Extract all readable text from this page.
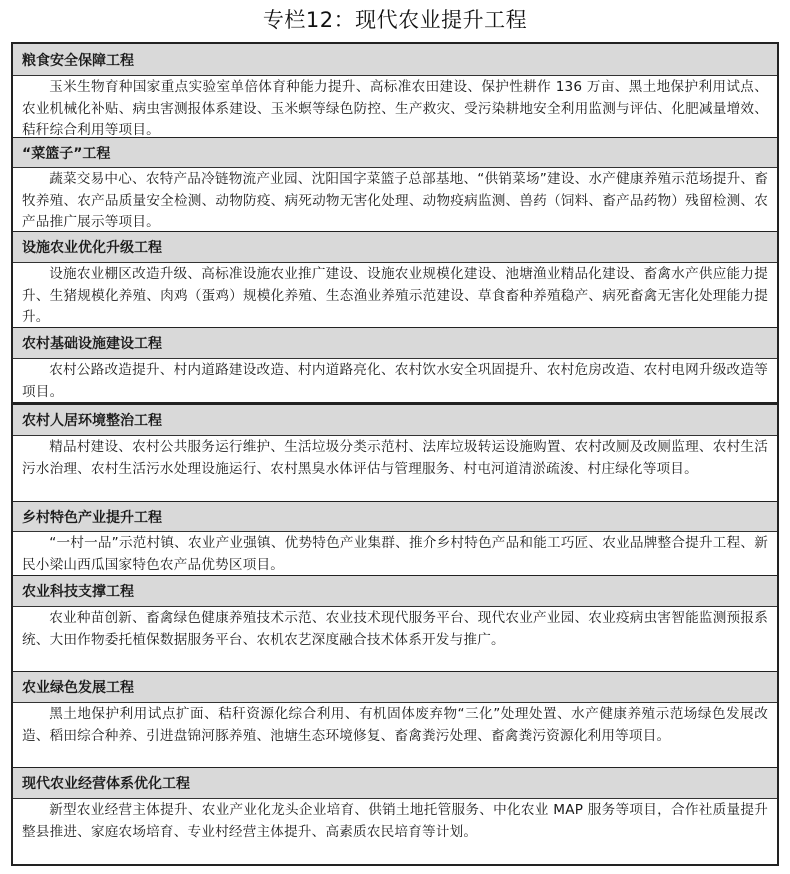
专栏12：现代农业提升工程
粮食安全保障工程
玉米生物育种国家重点实验室单倍体育种能力提升、高标准农田建设、保护性耕作 136 万亩、黑土地保护利用试点、农业机械化补贴、病虫害测报体系建设、玉米螟等绿色防控、生产救灾、受污染耕地安全利用监测与评估、化肥减量增效、秸秆综合利用等项目。
“菜篮子”工程
蔬菜交易中心、农特产品冷链物流产业园、沈阳国字菜篮子总部基地、“供销菜场”建设、水产健康养殖示范场提升、畜牧养殖、农产品质量安全检测、动物防疫、病死动物无害化处理、动物疫病监测、兽药（饲料、畜产品药物）残留检测、农产品推广展示等项目。
设施农业优化升级工程
设施农业棚区改造升级、高标准设施农业推广建设、设施农业规模化建设、池塘渔业精品化建设、畜禽水产供应能力提升、生猪规模化养殖、肉鸡（蛋鸡）规模化养殖、生态渔业养殖示范建设、草食畜种养殖稳产、病死畜禽无害化处理能力提升。
农村基础设施建设工程
农村公路改造提升、村内道路建设改造、村内道路亮化、农村饮水安全巩固提升、农村危房改造、农村电网升级改造等项目。
农村人居环境整治工程
精品村建设、农村公共服务运行维护、生活垃圾分类示范村、法库垃圾转运设施购置、农村改厕及改厕监理、农村生活污水治理、农村生活污水处理设施运行、农村黑臭水体评估与管理服务、村屯河道清淤疏浚、村庄绿化等项目。
乡村特色产业提升工程
“一村一品”示范村镇、农业产业强镇、优势特色产业集群、推介乡村特色产品和能工巧匠、农业品牌整合提升工程、新民小梁山西瓜国家特色农产品优势区项目。
农业科技支撑工程
农业种苗创新、畜禽绿色健康养殖技术示范、农业技术现代服务平台、现代农业产业园、农业疫病虫害智能监测预报系统、大田作物委托植保数据服务平台、农机农艺深度融合技术体系开发与推广。
农业绿色发展工程
黑土地保护利用试点扩面、秸秆资源化综合利用、有机固体废弃物“三化”处理处置、水产健康养殖示范场绿色发展改造、稻田综合种养、引进盘锦河豚养殖、池塘生态环境修复、畜禽粪污处理、畜禽粪污资源化利用等项目。
现代农业经营体系优化工程
新型农业经营主体提升、农业产业化龙头企业培育、供销土地托管服务、中化农业 MAP 服务等项目，合作社质量提升整县推进、家庭农场培育、专业村经营主体提升、高素质农民培育等计划。
